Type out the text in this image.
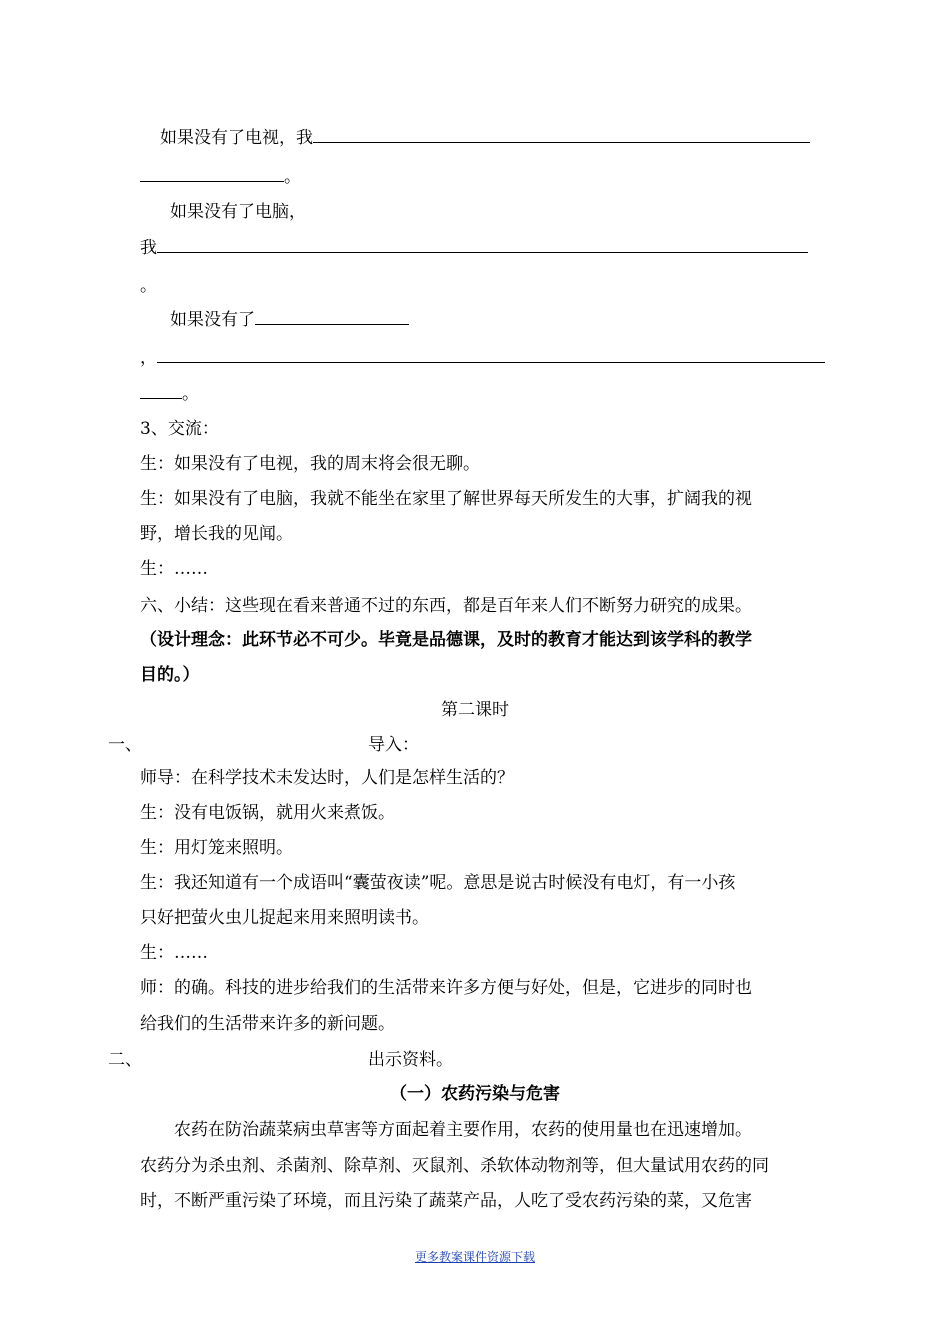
如果没有了电视，我
。
如果没有了电脑，
我
。
如果没有了
，
。
3、交流：
生：如果没有了电视，我的周末将会很无聊。
生：如果没有了电脑，我就不能坐在家里了解世界每天所发生的大事，扩阔我的视
野，增长我的见闻。
生：……
六、小结：这些现在看来普通不过的东西，都是百年来人们不断努力研究的成果。
（设计理念：此环节必不可少。毕竟是品德课，及时的教育才能达到该学科的教学
目的。）
第二课时
一、	导入：
师导：在科学技术未发达时，人们是怎样生活的？
生：没有电饭锅，就用火来煮饭。
生：用灯笼来照明。
生：我还知道有一个成语叫“囊萤夜读”呢。意思是说古时候没有电灯，有一小孩
只好把萤火虫儿捉起来用来照明读书。
生：……
师：的确。科技的进步给我们的生活带来许多方便与好处，但是，它进步的同时也
给我们的生活带来许多的新问题。
二、	出示资料。
（一）农药污染与危害
农药在防治蔬菜病虫草害等方面起着主要作用，农药的使用量也在迅速增加。
农药分为杀虫剂、杀菌剂、除草剂、灭鼠剂、杀软体动物剂等，但大量试用农药的同
时，不断严重污染了环境，而且污染了蔬菜产品，人吃了受农药污染的菜，又危害
更多教案课件资源下载
